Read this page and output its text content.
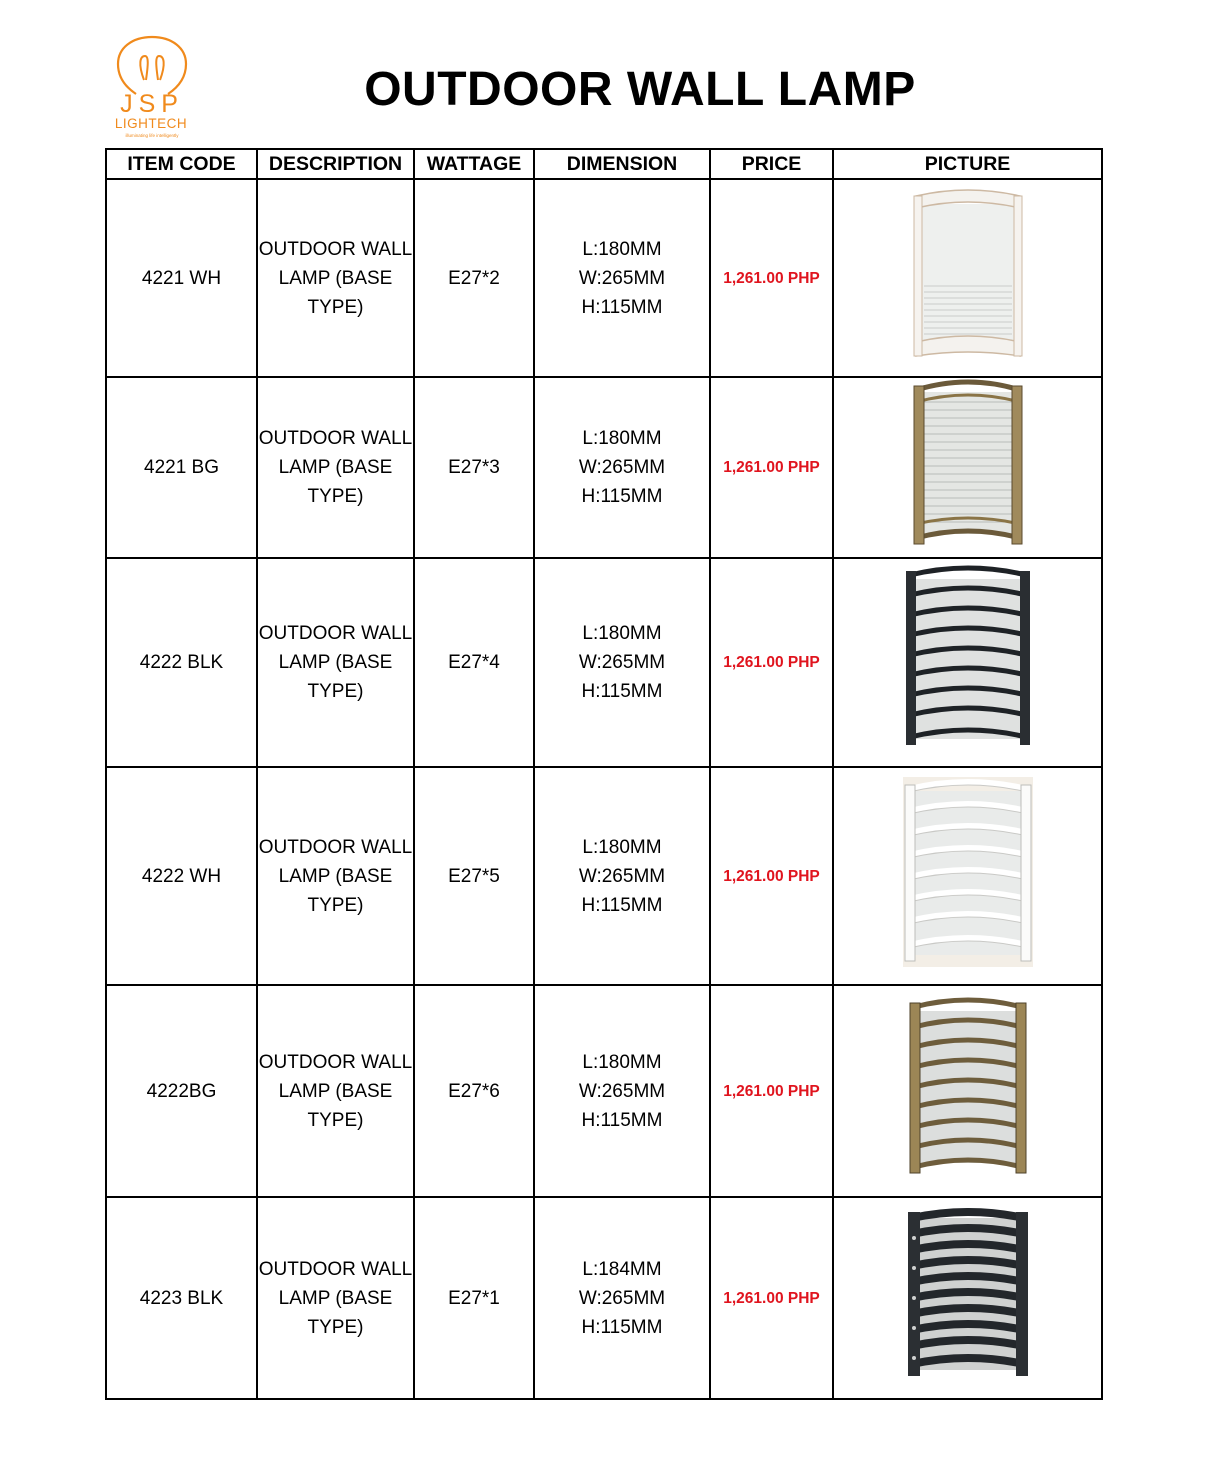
JSP
LIGHTECH
illuminating life intelligently
OUTDOOR WALL LAMP
ITEM CODE	DESCRIPTION	WATTAGE	DIMENSION	PRICE	PICTURE
4221 WH	OUTDOOR WALL
LAMP (BASE
TYPE)	E27*2	L:180MM
W:265MM
H:115MM	1,261.00 PHP	
4221 BG	OUTDOOR WALL
LAMP (BASE
TYPE)	E27*3	L:180MM
W:265MM
H:115MM	1,261.00 PHP	
4222 BLK	OUTDOOR WALL
LAMP (BASE
TYPE)	E27*4	L:180MM
W:265MM
H:115MM	1,261.00 PHP	
4222 WH	OUTDOOR WALL
LAMP (BASE
TYPE)	E27*5	L:180MM
W:265MM
H:115MM	1,261.00 PHP	
4222BG	OUTDOOR WALL
LAMP (BASE
TYPE)	E27*6	L:180MM
W:265MM
H:115MM	1,261.00 PHP	
4223 BLK	OUTDOOR WALL
LAMP (BASE
TYPE)	E27*1	L:184MM
W:265MM
H:115MM	1,261.00 PHP	
